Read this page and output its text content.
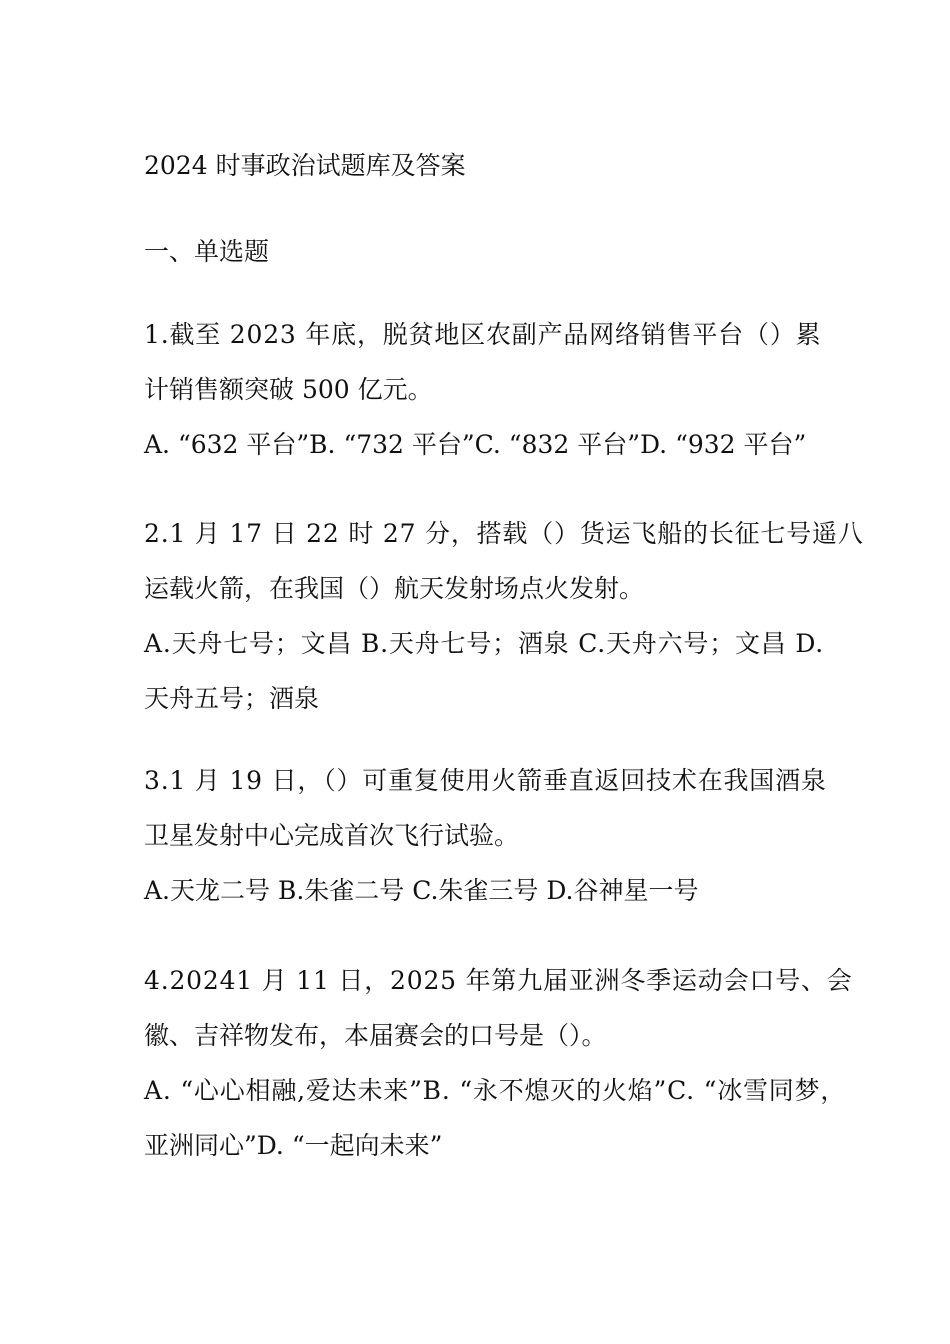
2024 时事政治试题库及答案
一、单选题

1.截至 2023 年底，脱贫地区农副产品网络销售平台（）累

计销售额突破 500 亿元。

A. “632 平台”B. “732 平台”C. “832 平台”D. “932 平台”

2.1 月 17 日 22 时 27 分，搭载（）货运飞船的长征七号遥八

运载火箭，在我国（）航天发射场点火发射。

A.天舟七号；文昌 B.天舟七号；酒泉 C.天舟六号；文昌 D.

天舟五号；酒泉

3.1 月 19 日，（）可重复使用火箭垂直返回技术在我国酒泉

卫星发射中心完成首次飞行试验。

A.天龙二号 B.朱雀二号 C.朱雀三号 D.谷神星一号

4.20241 月 11 日，2025 年第九届亚洲冬季运动会口号、会

徽、吉祥物发布，本届赛会的口号是（）。

A. “心心相融,爱达未来”B. “永不熄灭的火焰”C. “冰雪同梦，

亚洲同心”D. “一起向未来”
